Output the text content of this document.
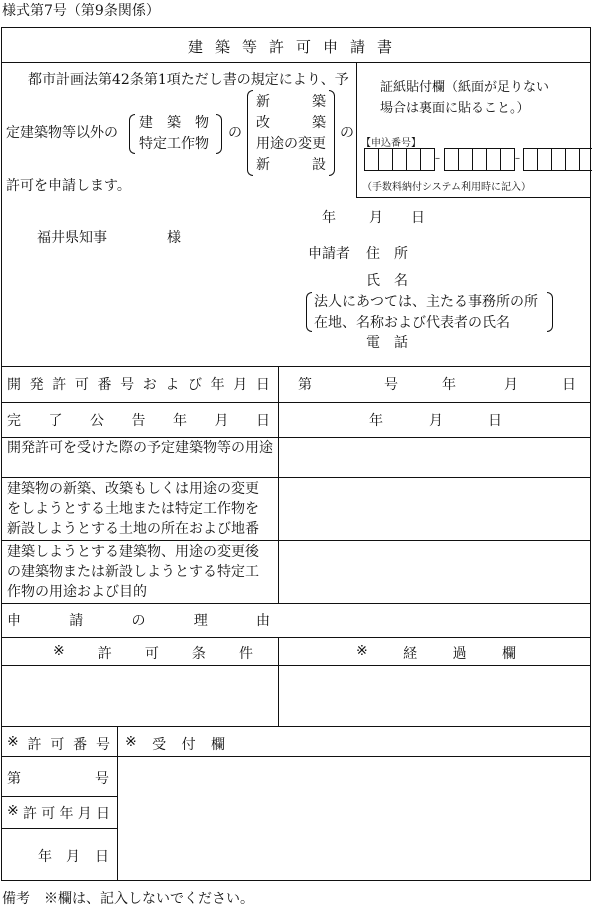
様式第7号（第9条関係）
建築等許可申請書
都市計画法第42条第1項ただし書の規定により、予
定建築物等以外の
建　築　物
特定工作物
の
新　　　築
改　　　築
用途の変更
新　　　設
の
許可を申請します。
証紙貼付欄（紙面が足りない
場合は裏面に貼ること。）
【申込番号】
–	–
（手数料納付システム利用時に記入）
年 月 日
福井県知事	様
申請者 住　所
氏　名
法人にあつては、主たる事務所の所
在地、名称および代表者の氏名
電　話
開 発 許 可 番 号 お よ び 年 月 日 第	号	年	月	日
完 了 公 告 年 月 日	年	月	日
開発許可を受けた際の予定建築物等の用途
建築物の新築、改築もしくは用途の変更
をしようとする土地または特定工作物を
新設しようとする土地の所在および地番
建築しようとする建築物、用途の変更後
の建築物または新設しようとする特定工
作物の用途および目的
申	請	の	理	由
※ 許 可 条 件	※	経	過	欄
※ 許 可 番 号 ※ 受 付 欄
第	号
※ 許 可 年 月 日
年 月 日
備考　※欄は、記入しないでください。
